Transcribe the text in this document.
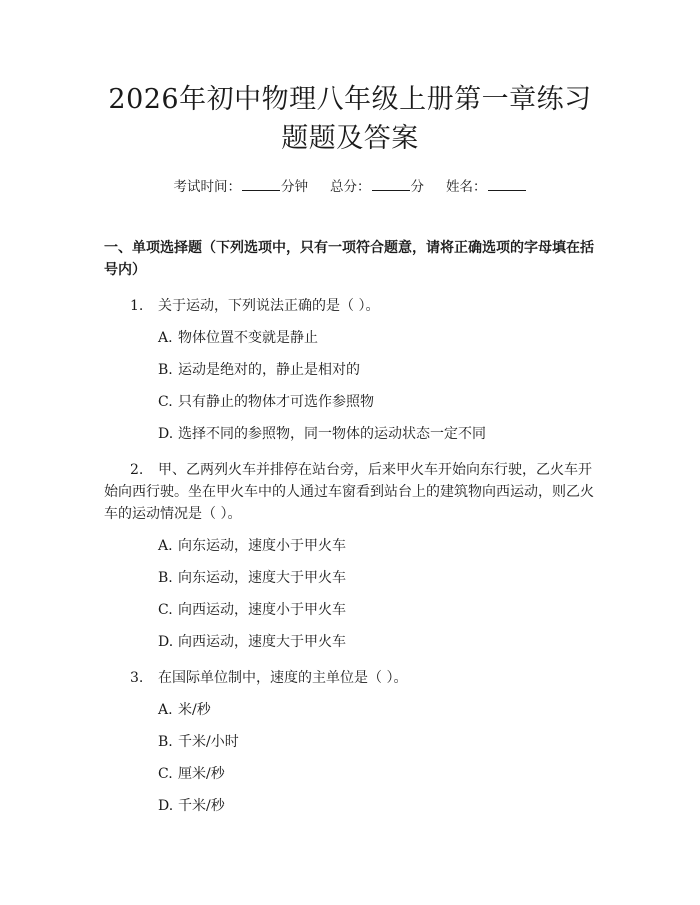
2026年初中物理八年级上册第一章练习题题及答案
考试时间：	分钟 总分：	分 姓名：
一、单项选择题（下列选项中，只有一项符合题意，请将正确选项的字母填在括号内）
1. 关于运动，下列说法正确的是（ ）。
A. 物体位置不变就是静止
B. 运动是绝对的，静止是相对的
C. 只有静止的物体才可选作参照物
D. 选择不同的参照物，同一物体的运动状态一定不同
2. 甲、乙两列火车并排停在站台旁，后来甲火车开始向东行驶，乙火车开始向西行驶。坐在甲火车中的人通过车窗看到站台上的建筑物向西运动，则乙火车的运动情况是（ ）。
A. 向东运动，速度小于甲火车
B. 向东运动，速度大于甲火车
C. 向西运动，速度小于甲火车
D. 向西运动，速度大于甲火车
3. 在国际单位制中，速度的主单位是（ ）。
A. 米/秒
B. 千米/小时
C. 厘米/秒
D. 千米/秒
